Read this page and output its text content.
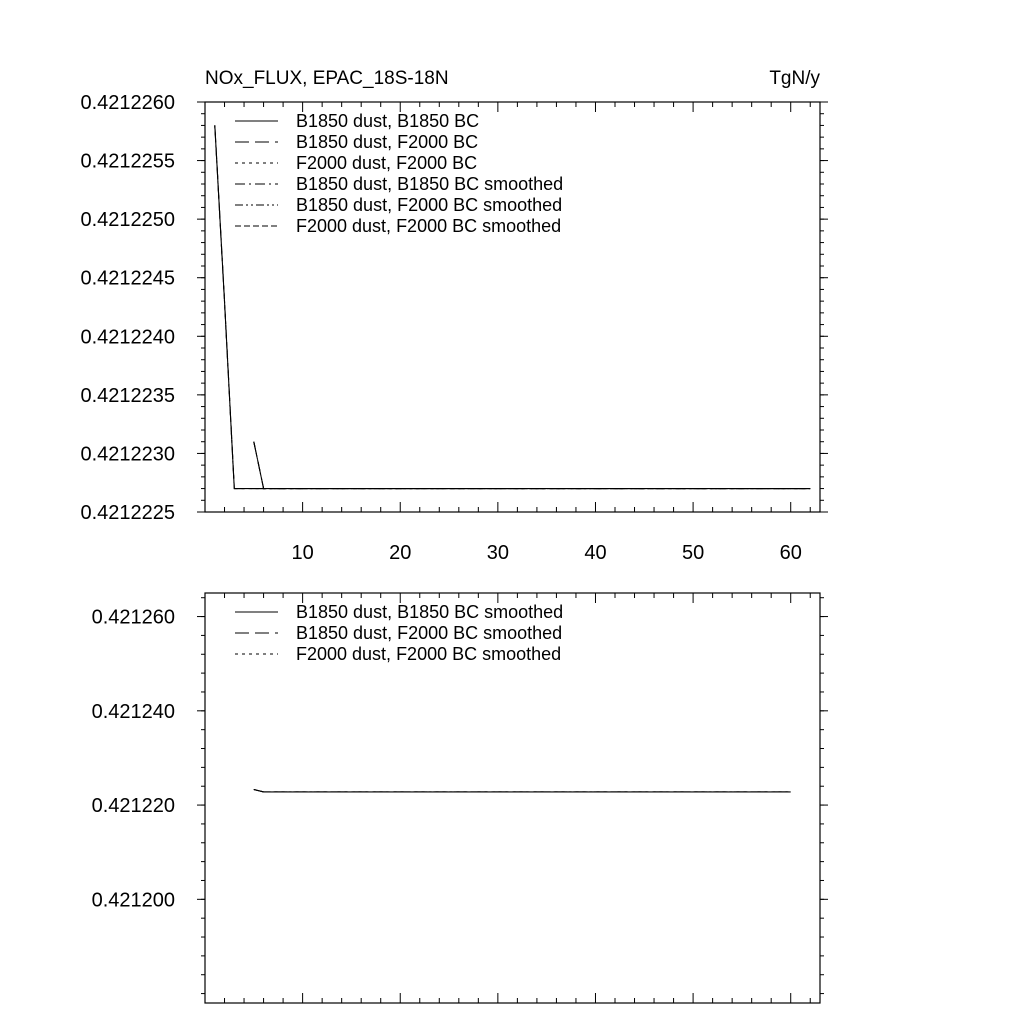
0.4212225
0.4212230
0.4212235
0.4212240
0.4212245
0.4212250
0.4212255
0.4212260
10	20	30	40	50	60
NOx_FLUX, EPAC_18S-18N	TgN/y
B1850 dust, B1850 BC
B1850 dust, F2000 BC
F2000 dust, F2000 BC
B1850 dust, B1850 BC smoothed
B1850 dust, F2000 BC smoothed
F2000 dust, F2000 BC smoothed
0.421200
0.421220
0.421240
0.421260	B1850 dust, B1850 BC smoothed
B1850 dust, F2000 BC smoothed
F2000 dust, F2000 BC smoothed
